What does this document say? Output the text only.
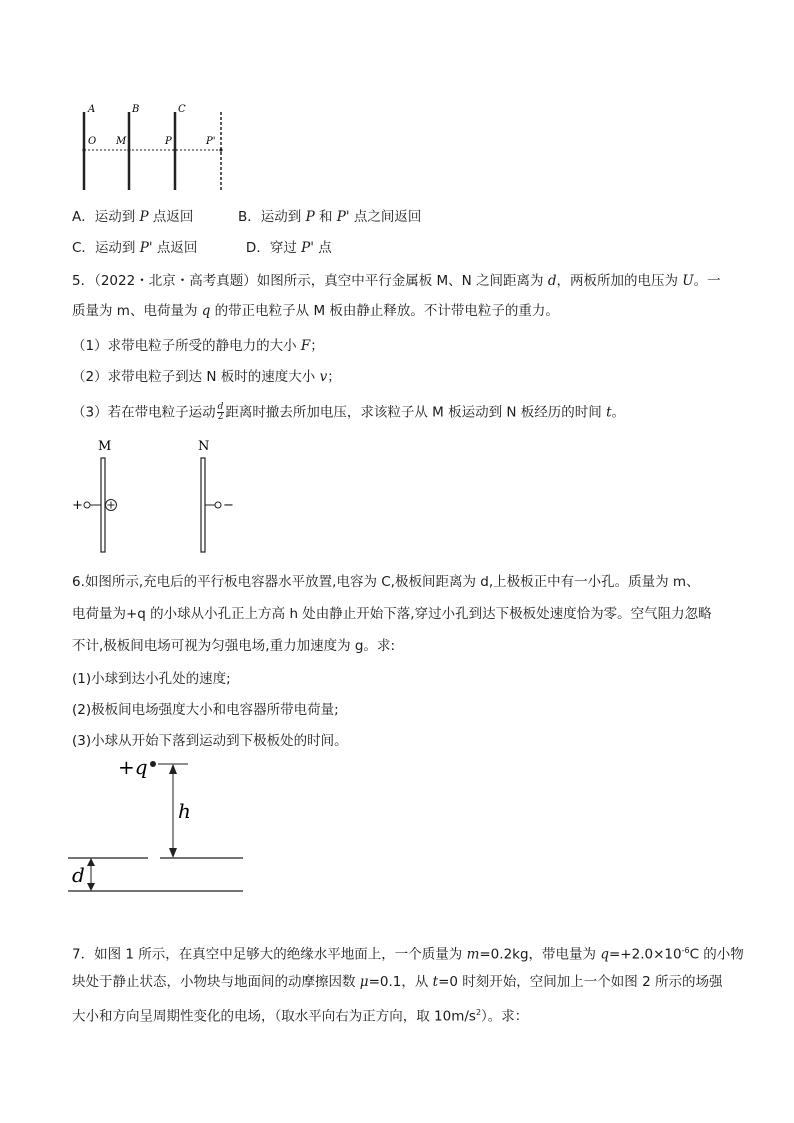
A	B	C
O M	P	P'
A．运动到 P 点返回	B．运动到 P 和 P' 点之间返回
C．运动到 P' 点返回	D．穿过 P' 点
5．（2022・北京・高考真题）如图所示，真空中平行金属板 M、N 之间距离为 d，两板所加的电压为 U。一
质量为 m、电荷量为 q 的带正电粒子从 M 板由静止释放。不计带电粒子的重力。
（1）求带电粒子所受的静电力的大小 F；
（2）求带电粒子到达 N 板时的速度大小 v；
（3）若在带电粒子运动 $\frac{d}{2}$ 距离时撤去所加电压，求该粒子从 M 板运动到 N 板经历的时间 t。
M	N
+	−
6.如图所示,充电后的平行板电容器水平放置,电容为 C,极板间距离为 d,上极板正中有一小孔。质量为 m、
电荷量为+q 的小球从小孔正上方高 h 处由静止开始下落,穿过小孔到达下极板处速度恰为零。空气阻力忽略
不计,极板间电场可视为匀强电场,重力加速度为 g。求:
(1)小球到达小孔处的速度;
(2)极板间电场强度大小和电容器所带电荷量;
(3)小球从开始下落到运动到下极板处的时间。
+q
h
d
7．如图 1 所示，在真空中足够大的绝缘水平地面上，一个质量为 m=0.2kg，带电量为 $q=+2.0\times 10^{-6}C$ 的小物
块处于静止状态，小物块与地面间的动摩擦因数 μ=0.1，从 t=0 时刻开始，空间加上一个如图 2 所示的场强
大小和方向呈周期性变化的电场，（取水平向右为正方向，取 $10m/s^2$）。求：
